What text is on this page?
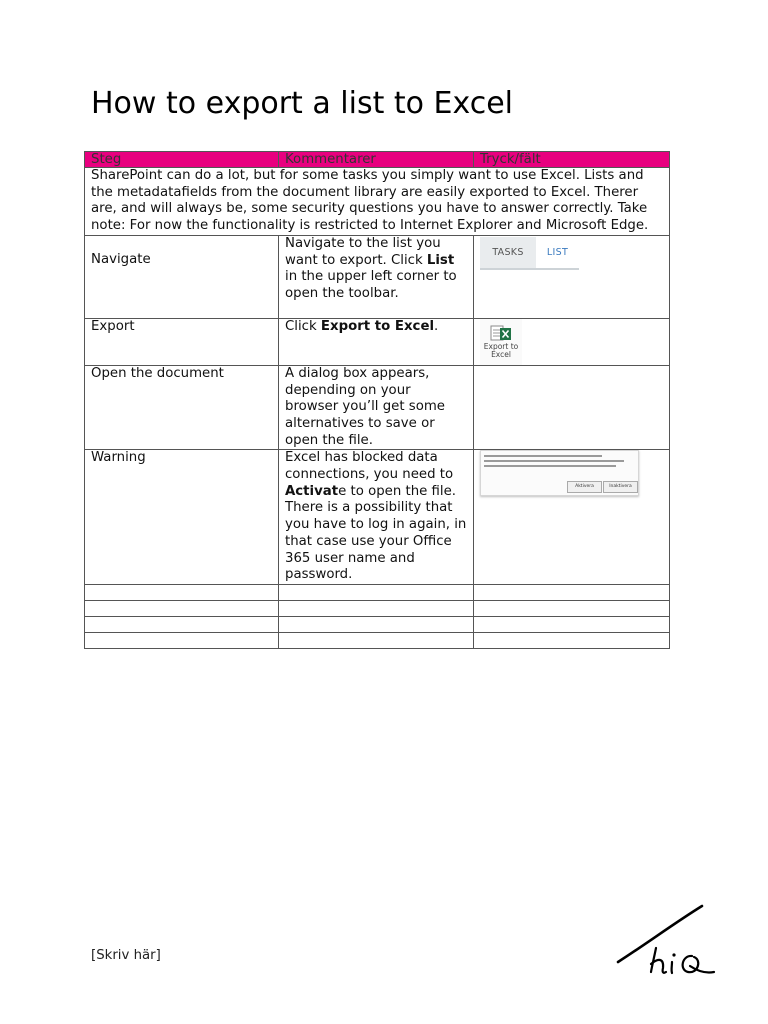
How to export a list to Excel
Steg	Kommentarer	Tryck/fält
SharePoint can do a lot, but for some tasks you simply want to use Excel. Lists and the metadatafields from the document library are easily exported to Excel. Therer are, and will always be, some security questions you have to answer correctly. Take note: For now the functionality is restricted to Internet Explorer and Microsoft Edge.		

Navigate	Navigate to the list you want to export. Click List in the upper left corner to open the toolbar.	TASKS LIST

Export	Click Export to Excel.	Export to
Excel

Open the document	A dialog box appears, depending on your browser you’ll get some alternatives to save or open the file.	
Warning	Excel has blocked data connections, you need to Activate to open the file. There is a possibility that you have to log in again, in that case use your Office 365 user name and password.	Aktivera Inaktivera

[Skriv här]
